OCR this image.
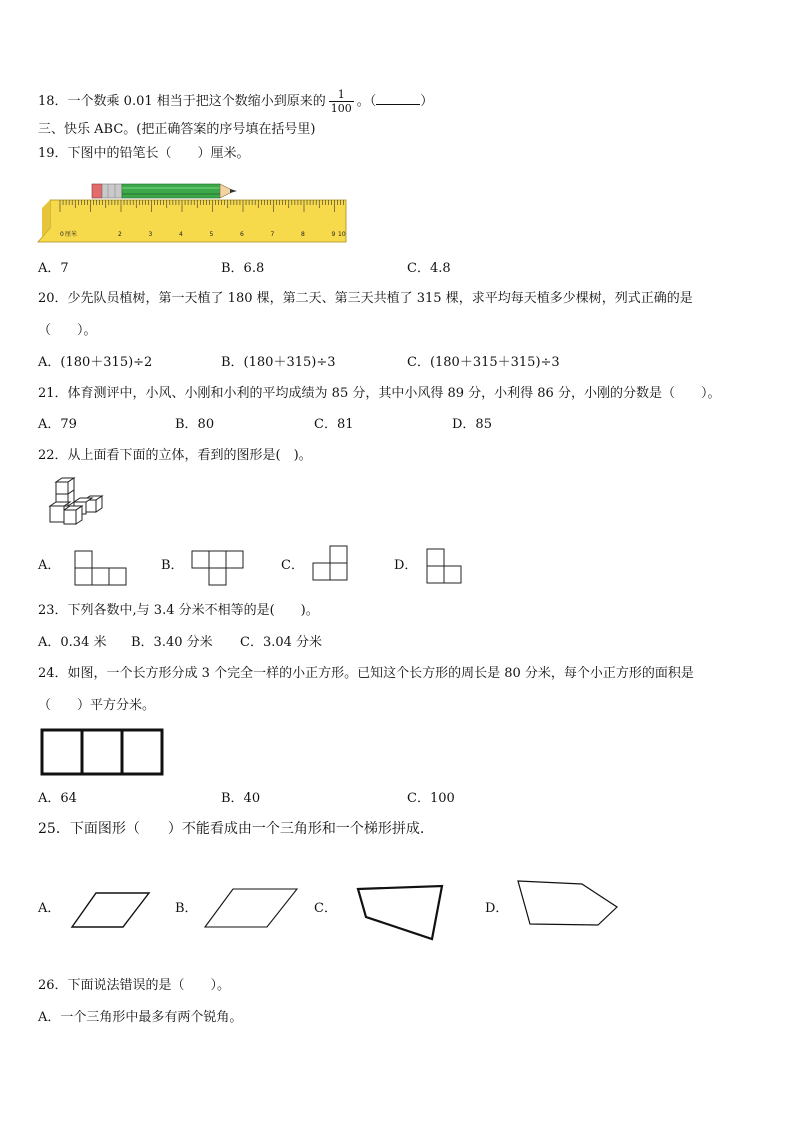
18．一个数乘 0.01 相当于把这个数缩小到原来的 $\frac{1}{100}$ 。（	）
三、快乐 ABC。(把正确答案的序号填在括号里)
19．下图中的铅笔长（　　）厘米。
0 厘米	2	3	4	5	6	7	8	9 10
A．7	B．6.8	C．4.8
20．少先队员植树，第一天植了 180 棵，第二天、第三天共植了 315 棵，求平均每天植多少棵树，列式正确的是
（　　）。
A．(180＋315)÷2	B．(180＋315)÷3	C．(180＋315＋315)÷3
21．体育测评中，小风、小刚和小利的平均成绩为 85 分，其中小风得 89 分，小利得 86 分，小刚的分数是（　　）。
A．79	B．80	C．81	D．85
22．从上面看下面的立体，看到的图形是(　)。
A．	B．	C．	D．
23．下列各数中,与 3.4 分米不相等的是(　　)。
A．0.34 米 B．3.40 分米 C．3.04 分米
24．如图，一个长方形分成 3 个完全一样的小正方形。已知这个长方形的周长是 80 分米，每个小正方形的面积是
（　　）平方分米。
A．64	B．40	C．100
25．下面图形（　　）不能看成由一个三角形和一个梯形拼成.
A．	B．	C．	D．
26．下面说法错误的是（　　）。
A．一个三角形中最多有两个锐角。
